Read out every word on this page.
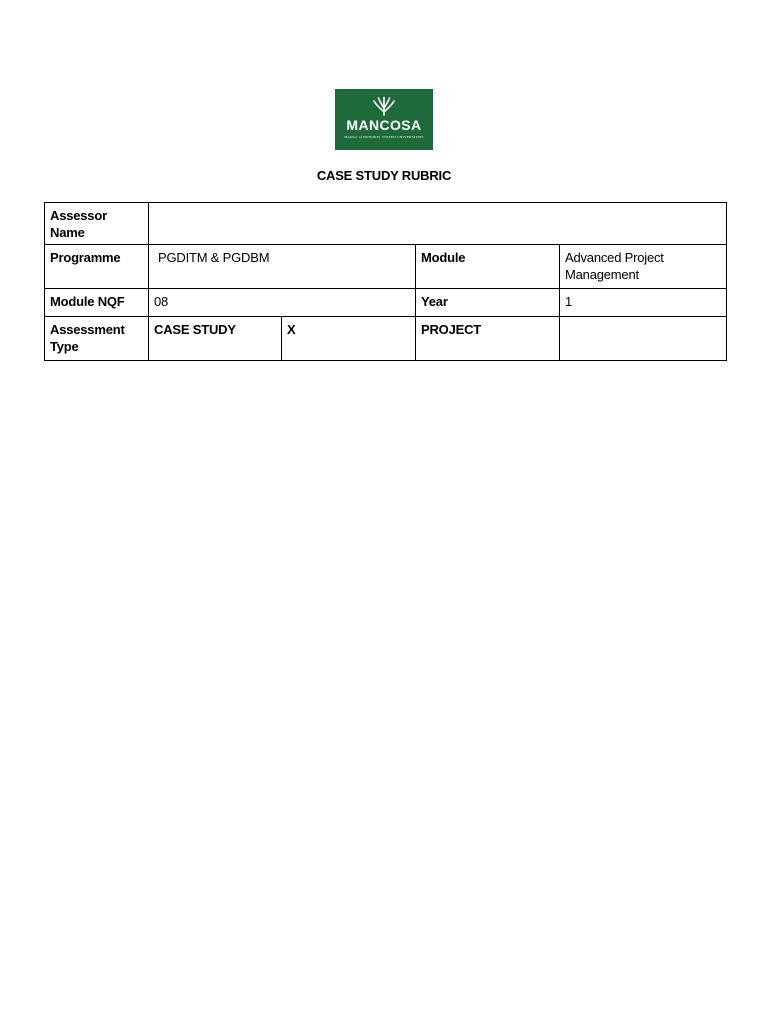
MANCOSA
Member of HONORIS UNITED UNIVERSITIES
CASE STUDY RUBRIC
Assessor Name				
Programme	PGDITM & PGDBM		Module	Advanced Project Management
Module NQF	08		Year	1
Assessment Type	CASE STUDY	X	PROJECT	
